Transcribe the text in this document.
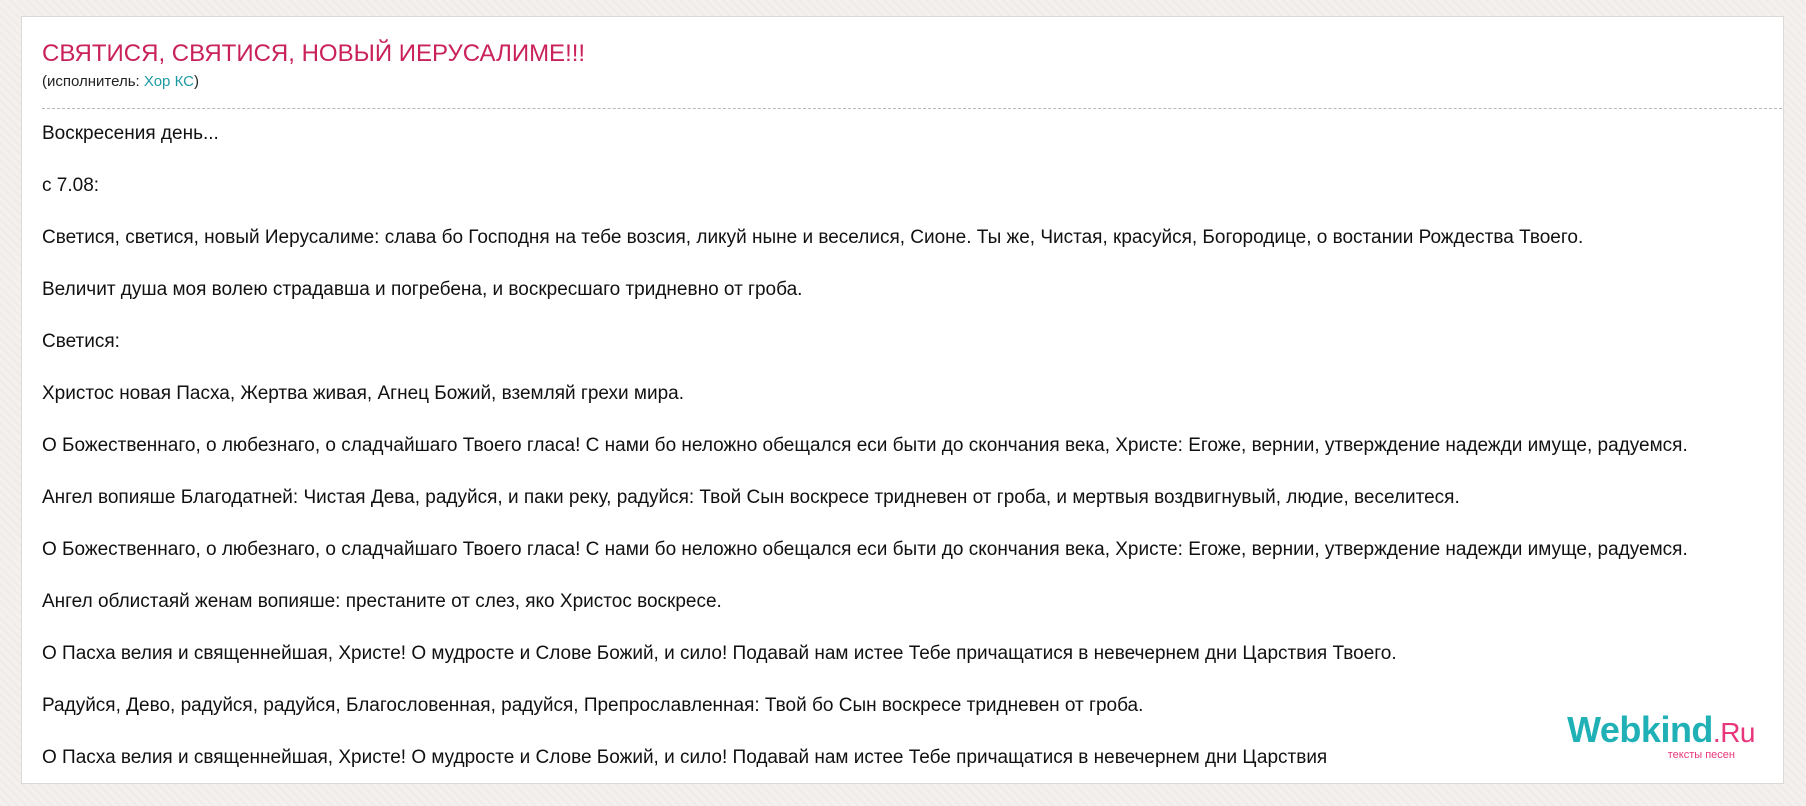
СВЯТИСЯ, СВЯТИСЯ, НОВЫЙ ИЕРУСАЛИМЕ!!!
(исполнитель: Хор КС)

Воскресения день...

с 7.08:

Светися, светися, новый Иерусалиме: слава бо Господня на тебе возсия, ликуй ныне и веселися, Сионе. Ты же, Чистая, красуйся, Богородице, о востании Рождества Твоего.

Величит душа моя волею страдавша и погребена, и воскресшаго тридневно от гроба.

Светися:

Христос новая Пасха, Жертва живая, Агнец Божий, вземляй грехи мира.

О Божественнаго, о любезнаго, о сладчайшаго Твоего гласа! С нами бо неложно обещался еси быти до скончания века, Христе: Егоже, вернии, утверждение надежди имуще, радуемся.

Ангел вопияше Благодатней: Чистая Дева, радуйся, и паки реку, радуйся: Твой Сын воскресе тридневен от гроба, и мертвыя воздвигнувый, людие, веселитеся.

О Божественнаго, о любезнаго, о сладчайшаго Твоего гласа! С нами бо неложно обещался еси быти до скончания века, Христе: Егоже, вернии, утверждение надежди имуще, радуемся.

Ангел облистаяй женам вопияше: престаните от слез, яко Христос воскресе.

О Пасха велия и священнейшая, Христе! О мудросте и Слове Божий, и сило! Подавай нам истее Тебе причащатися в невечернем дни Царствия Твоего.

Радуйся, Дево, радуйся, радуйся, Благословенная, радуйся, Препрославленная: Твой бо Сын воскресе тридневен от гроба.

О Пасха велия и священнейшая, Христе! О мудросте и Слове Божий, и сило! Подавай нам истее Тебе причащатися в невечернем дни Царствия

Webkind.Ru
тексты песен
